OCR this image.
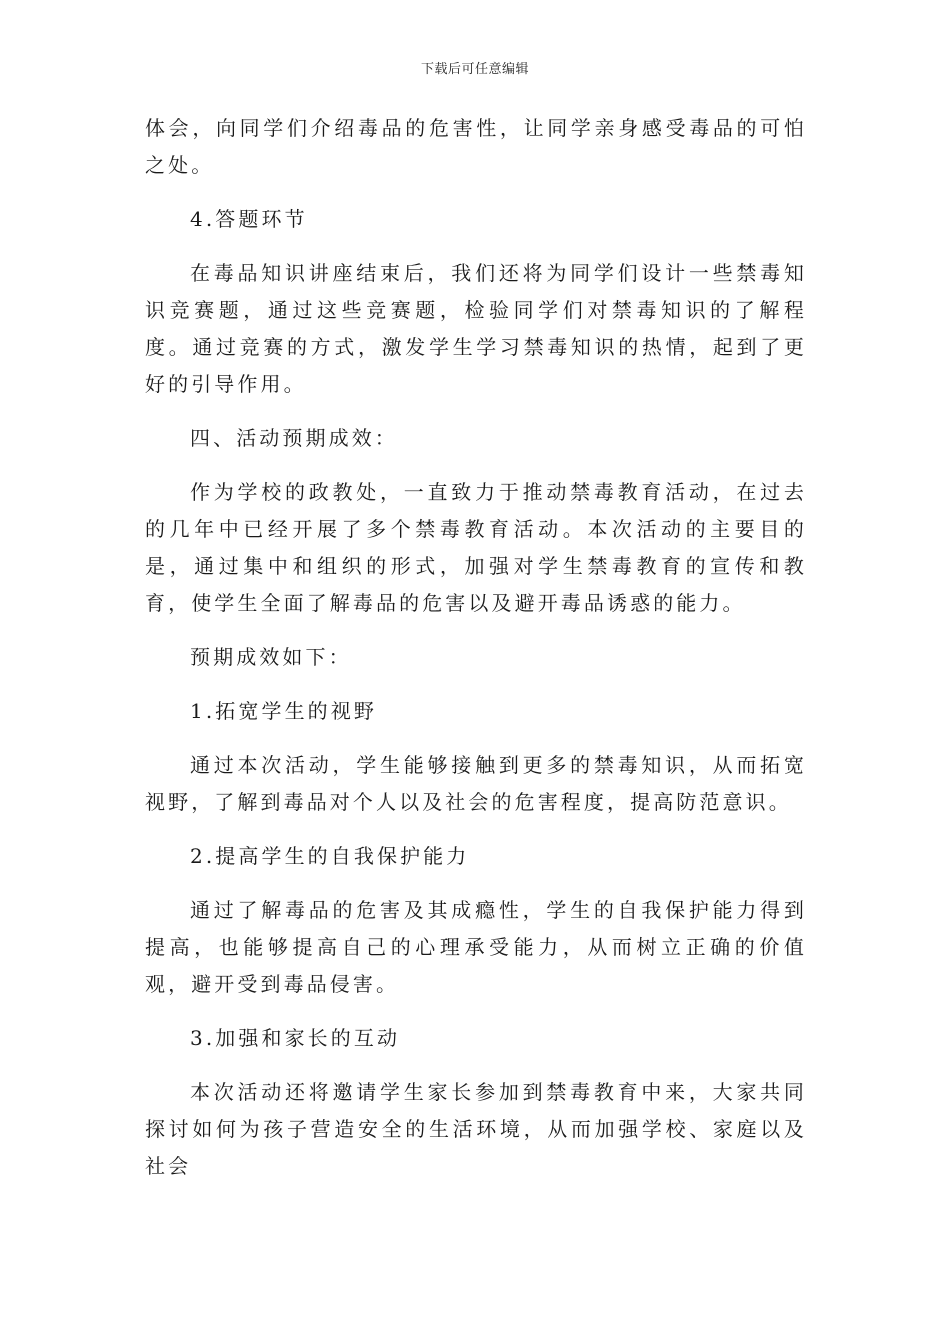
下载后可任意编辑

体会，向同学们介绍毒品的危害性，让同学亲身感受毒品的可怕之处。

4.答题环节

在毒品知识讲座结束后，我们还将为同学们设计一些禁毒知识竞赛题，通过这些竞赛题，检验同学们对禁毒知识的了解程度。通过竞赛的方式，激发学生学习禁毒知识的热情，起到了更好的引导作用。

四、活动预期成效：

作为学校的政教处，一直致力于推动禁毒教育活动，在过去的几年中已经开展了多个禁毒教育活动。本次活动的主要目的是，通过集中和组织的形式，加强对学生禁毒教育的宣传和教育，使学生全面了解毒品的危害以及避开毒品诱惑的能力。

预期成效如下：

1.拓宽学生的视野

通过本次活动，学生能够接触到更多的禁毒知识，从而拓宽视野，了解到毒品对个人以及社会的危害程度，提高防范意识。

2.提高学生的自我保护能力

通过了解毒品的危害及其成瘾性，学生的自我保护能力得到提高，也能够提高自己的心理承受能力，从而树立正确的价值观，避开受到毒品侵害。

3.加强和家长的互动

本次活动还将邀请学生家长参加到禁毒教育中来，大家共同探讨如何为孩子营造安全的生活环境，从而加强学校、家庭以及社会
